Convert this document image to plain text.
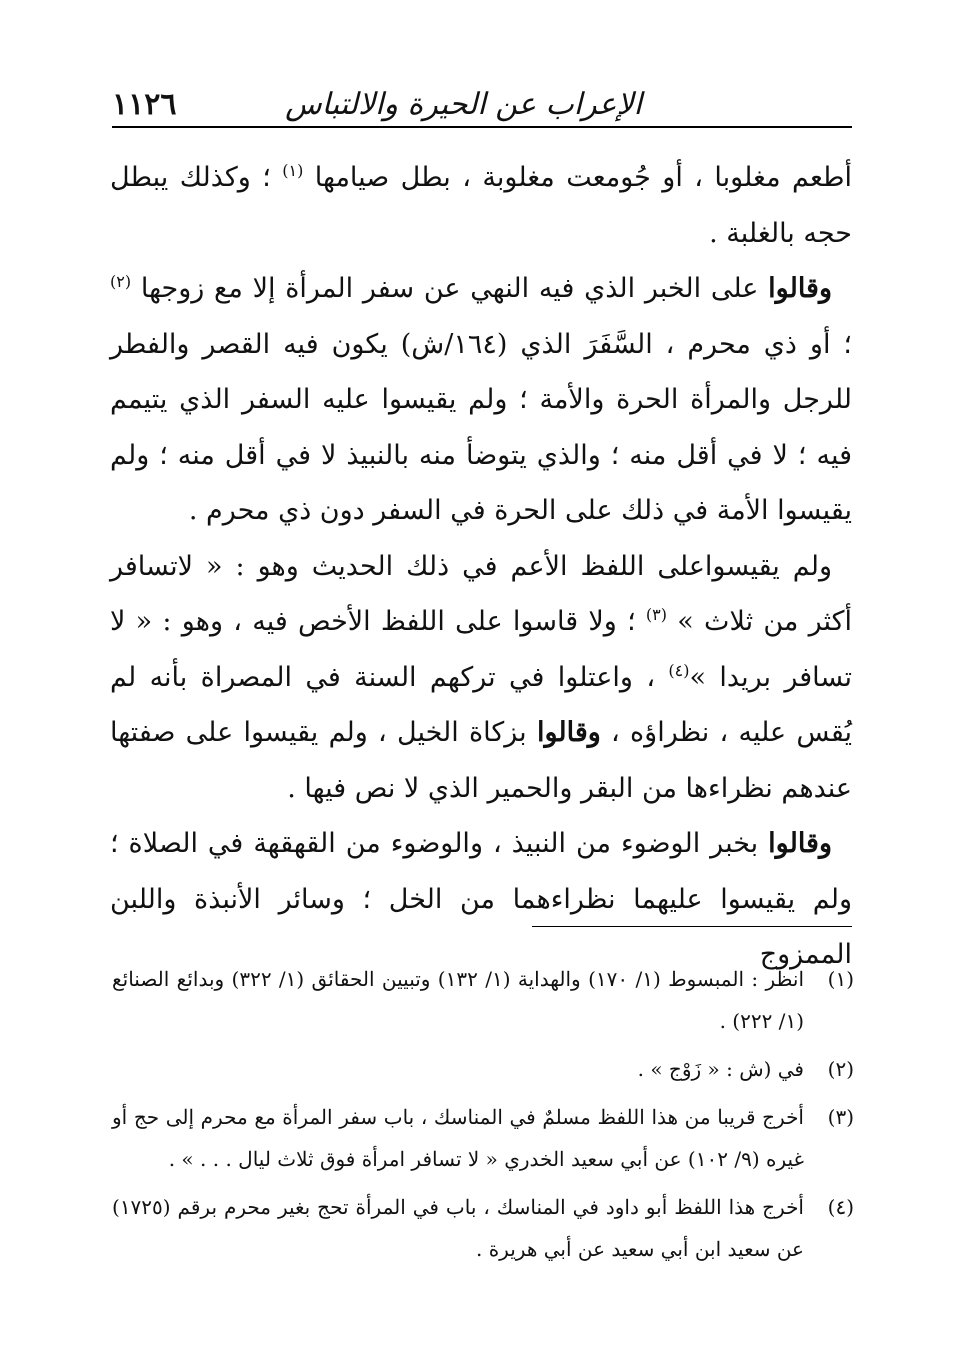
١١٢٦	الإعراب عن الحيرة والالتباس

أطعم مغلوبا ، أو جُومعت مغلوبة ، بطل صيامها $^{(١)}$ ؛ وكذلك يبطل حجه بالغلبة .

وقالوا على الخبر الذي فيه النهي عن سفر المرأة إلا مع زوجها $^{(٢)}$ ؛ أو ذي محرم ، السَّفَرَ الذي (١٦٤/ش) يكون فيه القصر والفطر للرجل والمرأة الحرة والأمة ؛ ولم يقيسوا عليه السفر الذي يتيمم فيه ؛ لا في أقل منه ؛ والذي يتوضأ منه بالنبيذ لا في أقل منه ؛ ولم يقيسوا الأمة في ذلك على الحرة في السفر دون ذي محرم .

ولم يقيسواعلى اللفظ الأعم في ذلك الحديث وهو : « لاتسافر أكثر من ثلاث » $^{(٣)}$ ؛ ولا قاسوا على اللفظ الأخص فيه ، وهو : « لا تسافر بريدا »$^{(٤)}$ ، واعتلوا في تركهم السنة في المصراة بأنه لم يُقس عليه ، نظراؤه ، وقالوا بزكاة الخيل ، ولم يقيسوا على صفتها عندهم نظراءها من البقر والحمير الذي لا نص فيها .

وقالوا بخبر الوضوء من النبيذ ، والوضوء من القهقهة في الصلاة ؛ ولم يقيسوا عليهما نظراءهما من الخل ؛ وسائر الأنبذة واللبن الممزوج

(١)
انظر : المبسوط (١/ ١٧٠) والهداية (١/ ١٣٢) وتبيين الحقائق (١/ ٣٢٢) وبدائع الصنائع (١/ ٢٢٢) .
(٢)
في (ش : « زَوْج » .
(٣)
أخرج قريبا من هذا اللفظ مسلمٌ في المناسك ، باب سفر المرأة مع محرم إلى حج أو غيره (٩/ ١٠٢) عن أبي سعيد الخدري « لا تسافر امرأة فوق ثلاث ليال . . . » .
(٤)
أخرج هذا اللفظ أبو داود في المناسك ، باب في المرأة تحج بغير محرم برقم (١٧٢٥) عن سعيد ابن أبي سعيد عن أبي هريرة .
